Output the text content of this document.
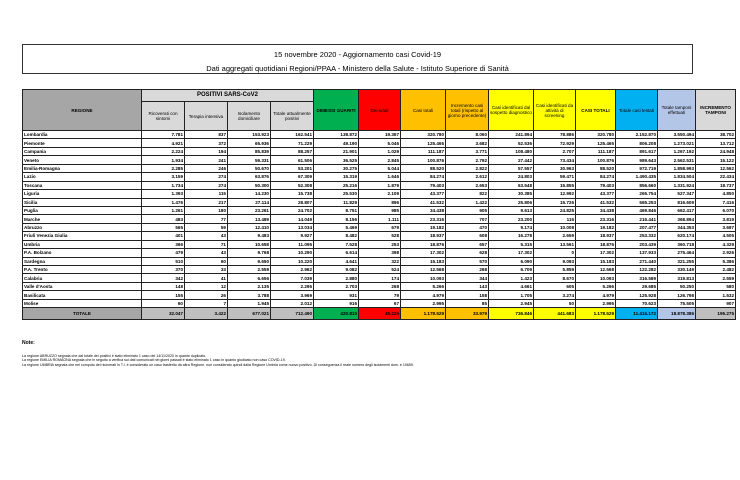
15 novembre 2020 - Aggiornamento casi Covid-19
Dati aggregati quotidiani Regioni/PPAA - Ministero della Salute - Istituto Superiore di Sanità
REGIONE	POSITIVI SARS-CoV2				DIMESSI GUARITI	Deceduti	Casi totali	Incremento casi totali (rispetto al giorno precedente)	Casi identificati dal sospetto diagnostico	Casi identificati da attività di screening	CASI TOTALI	Totale casi testati	Totale tamponi effettuati	INCREMENTO TAMPONI
	Ricoverati con sintomi	Terapia intensiva	Isolamento domiciliare	Totale attualmente positivi										
Lombardia	7.781	837	153.923	162.541	138.872	19.367	320.780	8.060	241.894	78.886	320.780	2.152.870	3.550.494	38.702
Piemonte	4.921	372	65.936	71.229	49.190	5.046	125.465	3.682	52.536	72.929	125.465	806.208	1.273.021	13.712
Campania	2.224	194	85.839	88.257	21.901	1.029	111.187	3.771	108.480	2.707	111.187	891.617	1.267.192	24.948
Veneto	1.934	241	59.331	61.506	36.525	2.845	100.876	2.792	27.442	73.434	100.876	989.643	2.562.531	15.122
Emilia-Romagna	2.285	246	50.670	53.201	30.275	5.044	88.520	2.822	57.557	30.963	88.520	972.719	1.858.993	12.562
Lazio	3.159	274	63.876	67.309	15.319	1.646	84.274	2.612	24.803	59.471	84.274	1.490.435	1.834.504	22.434
Toscana	1.734	274	50.300	52.308	25.216	1.879	79.403	2.653	63.548	15.855	79.403	856.660	1.331.924	18.737
Liguria	1.393	115	14.230	15.738	25.530	2.109	43.377	822	30.385	12.992	43.377	265.754	527.347	4.850
Sicilia	1.476	217	27.114	28.807	11.829	896	41.532	1.422	25.806	15.726	41.532	565.253	816.609	7.416
Puglia	1.261	180	23.261	24.702	8.751	985	34.438	905	9.613	24.825	34.438	469.846	662.417	6.070
Marche	483	77	13.489	14.049	8.156	1.111	23.316	707	23.200	116	23.316	216.441	368.894	3.819
Abruzzo	565	59	12.410	13.034	5.469	679	19.182	470	9.174	10.008	19.182	207.477	344.353	3.697
Friuli Venezia Giulia	401	43	9.483	9.927	8.482	528	18.937	608	16.278	2.659	18.937	253.332	620.174	4.505
Umbria	366	71	10.658	11.095	7.528	253	18.876	657	5.315	13.561	18.876	203.439	360.718	4.329
P.A. Bolzano	479	43	9.768	10.290	6.614	398	17.302	628	17.302	0	17.302	137.933	275.464	2.926
Sardegna	510	60	9.650	10.220	4.641	322	15.183	570	6.090	9.093	15.183	271.440	321.255	5.386
P.A. Trento	370	33	2.559	2.962	9.082	524	12.568	268	6.709	5.859	12.568	122.282	330.149	2.482
Calabria	342	41	6.656	7.039	2.880	174	10.093	344	1.423	8.670	10.093	316.589	319.813	2.559
Valle d'Aosta	148	12	2.135	2.295	2.703	268	5.266	143	4.661	605	5.266	29.685	50.250	580
Basilicata	155	26	3.788	3.969	931	79	4.979	158	1.705	3.274	4.979	125.928	126.798	1.532
Molise	60	7	1.945	2.012	916	67	2.995	85	2.945	50	2.995	70.623	75.505	907
TOTALE	32.047	3.422	677.021	712.490	420.810	45.229	1.178.529	33.979	736.846	441.683	1.178.529	11.416.172	18.878.386	195.275
Note:
La regione ABRUZZO segnala che dal totale dei positivi è stato eliminato 1 caso del 14/11/2020 in quanto duplicato.
La regione EMILIA ROMAGNA segnala che in seguito a verifica sui dati comunicati nei giorni passati è stato eliminato 1 caso in quanto giudicato non caso COVID-19.
La regione UMBRIA segnala che nel computo dei ricoverati in T.I. è considerato un caso trasferito da altra Regione, non considerato quindi dalla Regione Umbria come nuovo positivo. Di conseguenza il reale numero degli isolamenti dom. è 10659.
